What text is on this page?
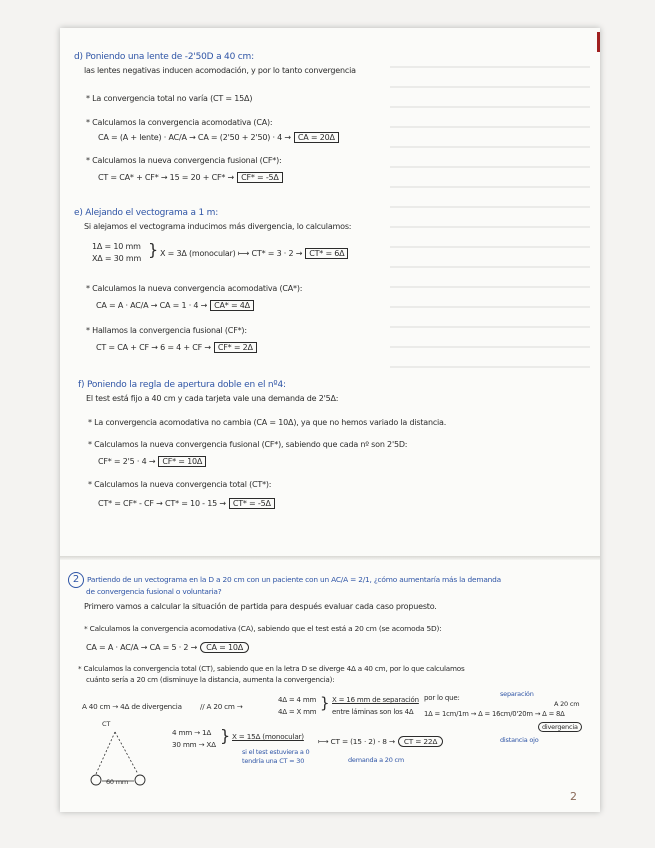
d) Poniendo una lente de -2'50D a 40 cm:
las lentes negativas inducen acomodación, y por lo tanto convergencia
* La convergencia total no varía (CT = 15Δ)
* Calculamos la convergencia acomodativa (CA):
CA = (A + lente) · AC/A → CA = (2'50 + 2'50) · 4 → CA = 20Δ
* Calculamos la nueva convergencia fusional (CF*):
CT = CA* + CF* → 15 = 20 + CF* → CF* = -5Δ
e) Alejando el vectograma a 1 m:
Si alejamos el vectograma inducimos más divergencia, lo calculamos:
1Δ = 10 mm
XΔ = 30 mm } X = 3Δ (monocular) ⟼ CT* = 3 · 2 → CT* = 6Δ
* Calculamos la nueva convergencia acomodativa (CA*):
CA = A · AC/A → CA = 1 · 4 → CA* = 4Δ
* Hallamos la convergencia fusional (CF*):
CT = CA + CF → 6 = 4 + CF → CF* = 2Δ
f) Poniendo la regla de apertura doble en el nº4:
El test está fijo a 40 cm y cada tarjeta vale una demanda de 2'5Δ:
* La convergencia acomodativa no cambia (CA = 10Δ), ya que no hemos variado la distancia.
* Calculamos la nueva convergencia fusional (CF*), sabiendo que cada nº son 2'5D:
CF* = 2'5 · 4 → CF* = 10Δ
* Calculamos la nueva convergencia total (CT*):
CT* = CF* - CF → CT* = 10 - 15 → CT* = -5Δ
2 Partiendo de un vectograma en la D a 20 cm con un paciente con un AC/A = 2/1, ¿cómo aumentaría más la demanda
de convergencia fusional o voluntaria?
Primero vamos a calcular la situación de partida para después evaluar cada caso propuesto.
* Calculamos la convergencia acomodativa (CA), sabiendo que el test está a 20 cm (se acomoda 5D):
CA = A · AC/A → CA = 5 · 2 → CA = 10Δ
* Calculamos la convergencia total (CT), sabiendo que en la letra D se diverge 4Δ a 40 cm, por lo que calculamos
cuánto sería a 20 cm (disminuye la distancia, aumenta la convergencia):
A 40 cm → 4Δ de divergencia	// A 20 cm →
4Δ = 4 mm
4Δ = X mm } X = 16 mm de separación
entre láminas son los 4Δ
por lo que:
1Δ = 1cm/1m → Δ = 16cm/0'20m → Δ = 8Δ
separación
A 20 cm
divergencia
distancia ojo
CT
60 mm
4 mm → 1Δ
30 mm → XΔ } X = 15Δ (monocular)
⟼ CT = (15 · 2) - 8 → CT = 22Δ
si el test estuviera a 0
tendría una CT = 30	demanda a 20 cm
2
